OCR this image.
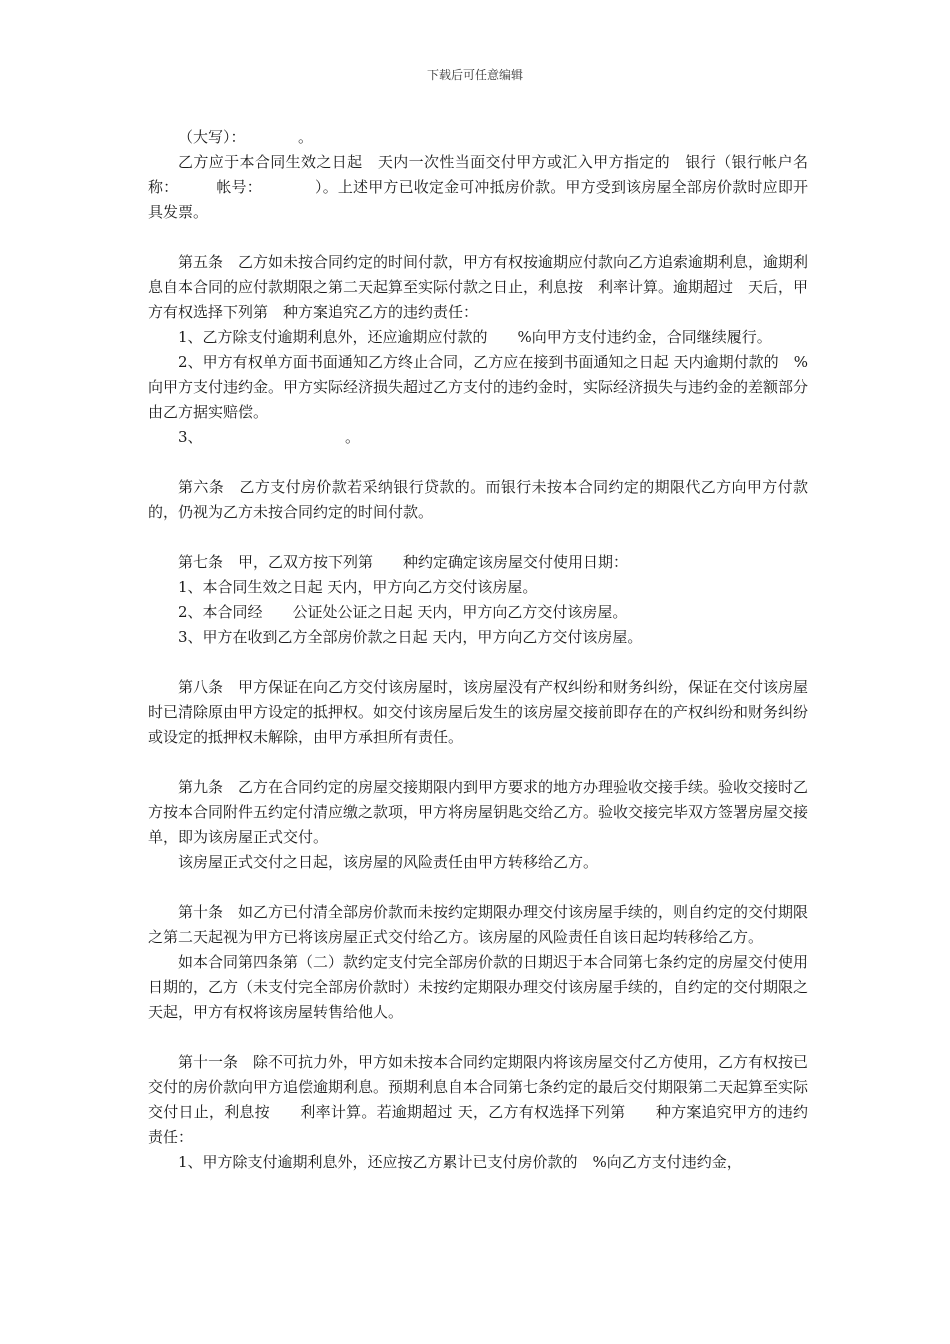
下载后可任意编辑

（大写）：　　　　。

乙方应于本合同生效之日起　天内一次性当面交付甲方或汇入甲方指定的　银行（银行帐户名称：　　　帐号：　　　　）。上述甲方已收定金可冲抵房价款。甲方受到该房屋全部房价款时应即开具发票。

第五条　乙方如未按合同约定的时间付款，甲方有权按逾期应付款向乙方追索逾期利息，逾期利息自本合同的应付款期限之第二天起算至实际付款之日止，利息按　利率计算。逾期超过　天后，甲方有权选择下列第　种方案追究乙方的违约责任：

1、乙方除支付逾期利息外，还应逾期应付款的　　%向甲方支付违约金，合同继续履行。

2、甲方有权单方面书面通知乙方终止合同，乙方应在接到书面通知之日起 天内逾期付款的　%向甲方支付违约金。甲方实际经济损失超过乙方支付的违约金时，实际经济损失与违约金的差额部分由乙方据实赔偿。

3、　　　　　　　　　　。

第六条　乙方支付房价款若采纳银行贷款的。而银行未按本合同约定的期限代乙方向甲方付款的，仍视为乙方未按合同约定的时间付款。

第七条　甲，乙双方按下列第　　种约定确定该房屋交付使用日期：

1、本合同生效之日起 天内，甲方向乙方交付该房屋。

2、本合同经　　公证处公证之日起 天内，甲方向乙方交付该房屋。

3、甲方在收到乙方全部房价款之日起 天内，甲方向乙方交付该房屋。

第八条　甲方保证在向乙方交付该房屋时，该房屋没有产权纠纷和财务纠纷，保证在交付该房屋时已清除原由甲方设定的抵押权。如交付该房屋后发生的该房屋交接前即存在的产权纠纷和财务纠纷或设定的抵押权未解除，由甲方承担所有责任。

第九条　乙方在合同约定的房屋交接期限内到甲方要求的地方办理验收交接手续。验收交接时乙方按本合同附件五约定付清应缴之款项，甲方将房屋钥匙交给乙方。验收交接完毕双方签署房屋交接单，即为该房屋正式交付。

该房屋正式交付之日起，该房屋的风险责任由甲方转移给乙方。

第十条　如乙方已付清全部房价款而未按约定期限办理交付该房屋手续的，则自约定的交付期限之第二天起视为甲方已将该房屋正式交付给乙方。该房屋的风险责任自该日起均转移给乙方。

如本合同第四条第（二）款约定支付完全部房价款的日期迟于本合同第七条约定的房屋交付使用日期的，乙方（未支付完全部房价款时）未按约定期限办理交付该房屋手续的，自约定的交付期限之　天起，甲方有权将该房屋转售给他人。

第十一条　除不可抗力外，甲方如未按本合同约定期限内将该房屋交付乙方使用，乙方有权按已交付的房价款向甲方追偿逾期利息。预期利息自本合同第七条约定的最后交付期限第二天起算至实际交付日止，利息按　　利率计算。若逾期超过 天，乙方有权选择下列第　　种方案追究甲方的违约责任：

1、甲方除支付逾期利息外，还应按乙方累计已支付房价款的　%向乙方支付违约金，
